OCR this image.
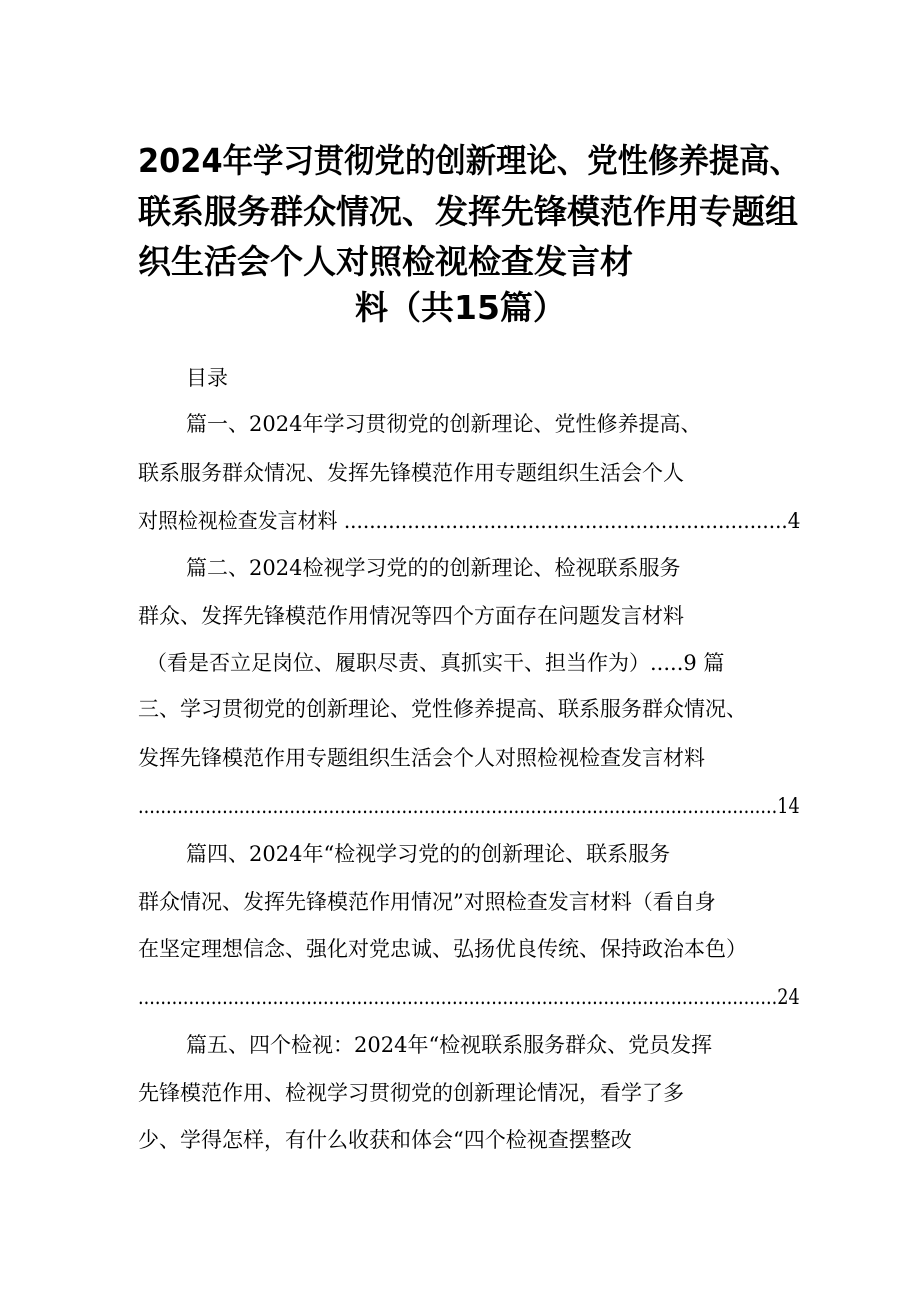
2024年学习贯彻党的创新理论、党性修养提高、
联系服务群众情况、发挥先锋模范作用专题组
织生活会个人对照检视检查发言材
料（共15篇）
目录
篇一、2024年学习贯彻党的创新理论、党性修养提高、
联系服务群众情况、发挥先锋模范作用专题组织生活会个人
对照检视检查发言材料 ......................................................................4
篇二、2024检视学习党的的创新理论、检视联系服务
群众、发挥先锋模范作用情况等四个方面存在问题发言材料
（看是否立足岗位、履职尽责、真抓实干、担当作为）.....9 篇
三、学习贯彻党的创新理论、党性修养提高、联系服务群众情况、
发挥先锋模范作用专题组织生活会个人对照检视检查发言材料
..................................................................................................................14
篇四、2024年“检视学习党的的创新理论、联系服务
群众情况、发挥先锋模范作用情况”对照检查发言材料（看自身
在坚定理想信念、强化对党忠诚、弘扬优良传统、保持政治本色）
..................................................................................................................24
篇五、四个检视：2024年“检视联系服务群众、党员发挥
先锋模范作用、检视学习贯彻党的创新理论情况，看学了多
少、学得怎样，有什么收获和体会“四个检视查摆整改
